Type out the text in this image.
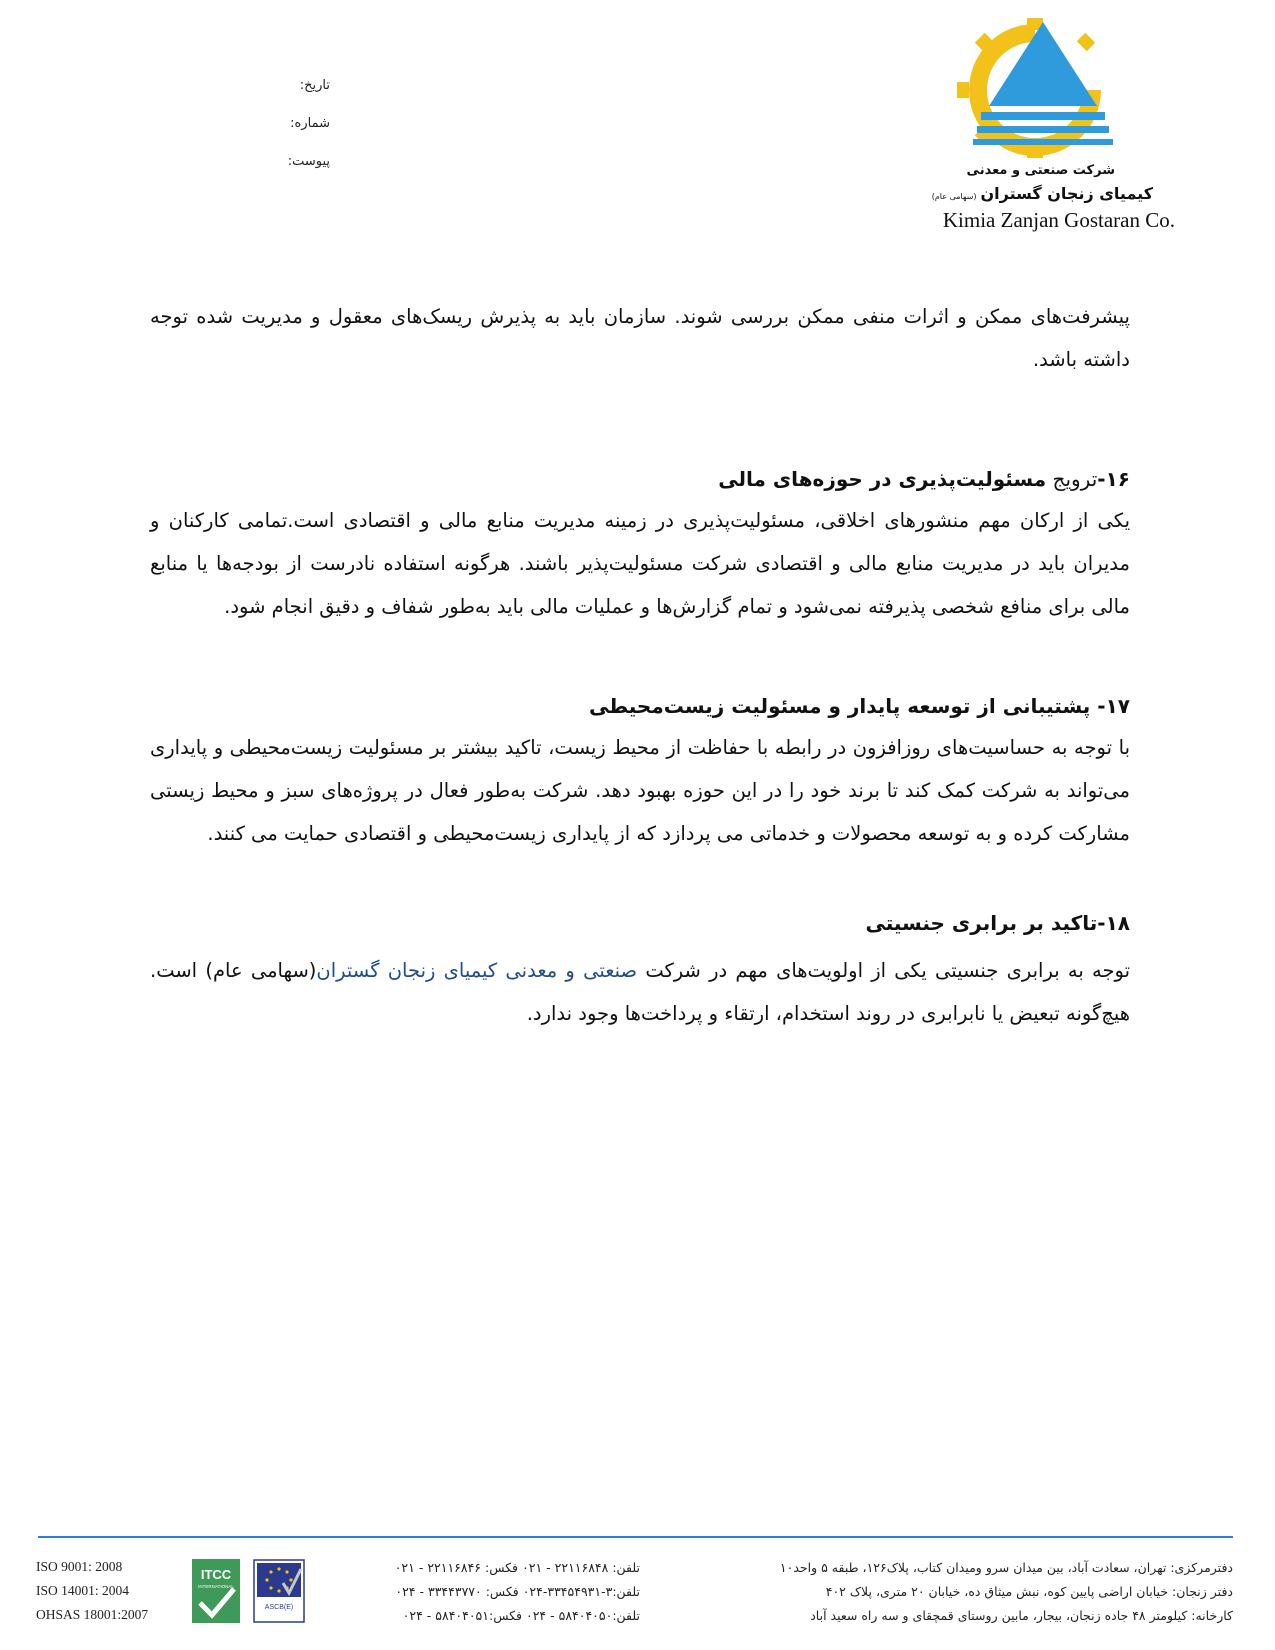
تاریخ:
شماره:
پیوست:
شرکت صنعتی و معدنی
کیمیای زنجان گستران(سهامی عام)
Kimia Zanjan Gostaran Co.

پیشرفت‌های ممکن و اثرات منفی ممکن بررسی شوند. سازمان باید به پذیرش ریسک‌های معقول و مدیریت شده توجه داشته باشد.

۱۶-ترویج مسئولیت‌پذیری در حوزه‌های مالی

یکی از ارکان مهم منشورهای اخلاقی، مسئولیت‌پذیری در زمینه مدیریت منابع مالی و اقتصادی است.تمامی کارکنان و مدیران باید در مدیریت منابع مالی و اقتصادی شرکت مسئولیت‌پذیر باشند. هرگونه استفاده نادرست از بودجه‌ها یا منابع مالی برای منافع شخصی پذیرفته نمی‌شود و تمام گزارش‌ها و عملیات مالی باید به‌طور شفاف و دقیق انجام شود.

۱۷- پشتیبانی از توسعه پایدار و مسئولیت زیست‌محیطی

با توجه به حساسیت‌های روزافزون در رابطه با حفاظت از محیط زیست، تاکید بیشتر بر مسئولیت زیست‌محیطی و پایداری می‌تواند به شرکت کمک کند تا برند خود را در این حوزه بهبود دهد. شرکت به‌طور فعال در پروژه‌های سبز و محیط زیستی مشارکت کرده و به توسعه محصولات و خدماتی می پردازد که از پایداری زیست‌محیطی و اقتصادی حمایت می کنند.

۱۸-تاکید بر برابری جنسیتی

توجه به برابری جنسیتی یکی از اولویت‌های مهم در شرکت صنعتی و معدنی کیمیای زنجان گستران(سهامی عام) است. هیچ‌گونه تبعیض یا نابرابری در روند استخدام، ارتقاء و پرداخت‌ها وجود ندارد.

دفترمرکزی: تهران، سعادت آباد، بین میدان سرو ومیدان کتاب، پلاک۱۲۶، طبقه ۵ واحد۱۰
دفتر زنجان: خیابان اراضی پایین کوه، نبش میثاق ده، خیابان ۲۰ متری، پلاک ۴۰۲
کارخانه: کیلومتر ۴۸ جاده زنجان، بیجار، مابین روستای قمچقای و سه راه سعید آباد
تلفن: ۲۲۱۱۶۸۴۸ - ۰۲۱ فکس: ۲۲۱۱۶۸۴۶ - ۰۲۱
تلفن:۳-۳۳۴۵۴۹۳۱-۰۲۴ فکس: ۳۳۴۴۳۷۷۰ - ۰۲۴
تلفن:۵۸۴۰۴۰۵۰ - ۰۲۴ فکس:۵۸۴۰۴۰۵۱ - ۰۲۴
ASCB(E)
ITCC
INTERNATIONAL
ISO 9001: 2008
ISO 14001: 2004
OHSAS 18001:2007
